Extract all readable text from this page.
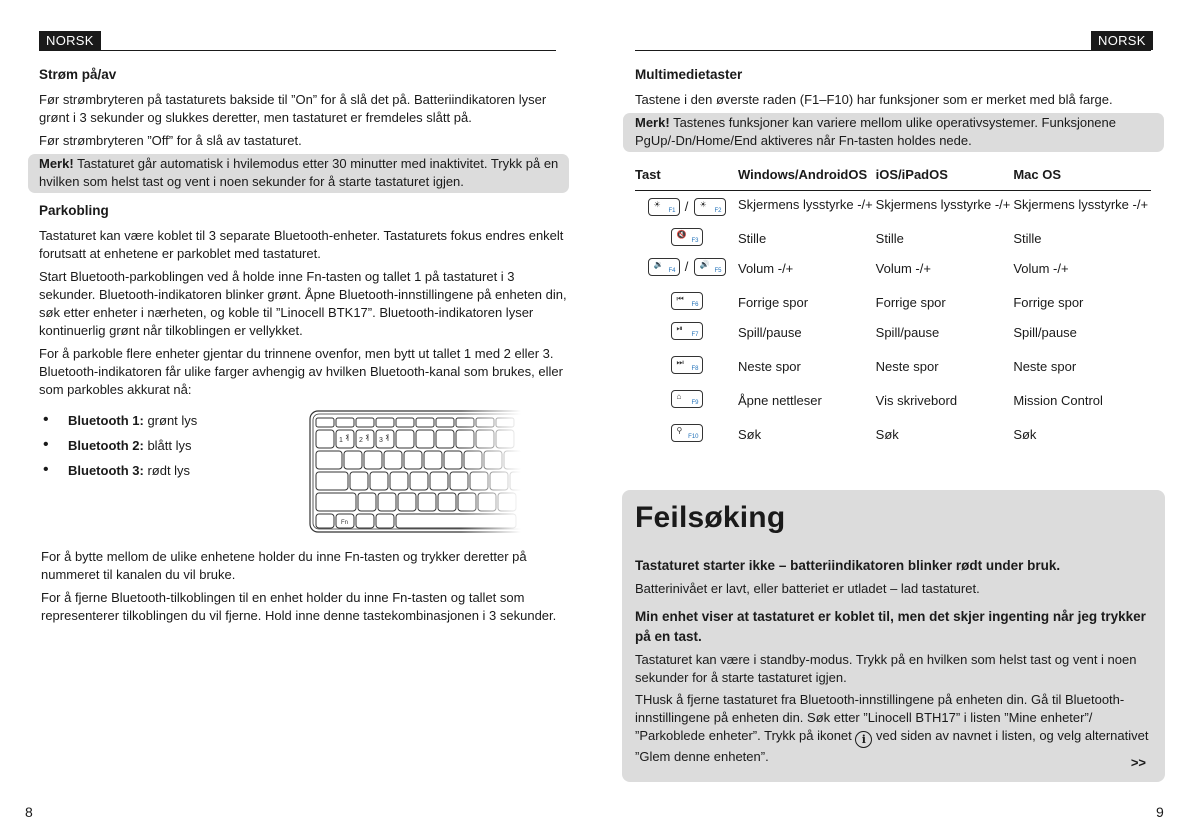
NORSK
Strøm på/av

Før strømbryteren på tastaturets bakside til ”On” for å slå det på. Batteriindikatoren lyser grønt i 3 sekunder og slukkes deretter, men tastaturet er fremdeles slått på.

Før strømbryteren ”Off” for å slå av tastaturet.

Merk! Tastaturet går automatisk i hvilemodus etter 30 minutter med inaktivitet. Trykk på en hvilken som helst tast og vent i noen sekunder for å starte tastaturet igjen.
Parkobling

Tastaturet kan være koblet til 3 separate Bluetooth-enheter. Tastaturets fokus endres enkelt forutsatt at enhetene er parkoblet med tastaturet.

Start Bluetooth-parkoblingen ved å holde inne Fn-tasten og tallet 1 på tastaturet i 3 sekunder. Bluetooth-indikatoren blinker grønt. Åpne Bluetooth-innstillingene på enheten din, søk etter enheter i nærheten, og koble til ”Linocell BTK17”. Bluetooth-indikatoren lyser kontinuerlig grønt når tilkoblingen er vellykket.

For å parkoble flere enheter gjentar du trinnene ovenfor, men bytt ut tallet 1 med 2 eller 3. Bluetooth-indikatoren får ulike farger avhengig av hvilken Bluetooth-kanal som brukes, eller som parkobles akkurat nå:

• Bluetooth 1: grønt lys
• Bluetooth 2: blått lys
• Bluetooth 3: rødt lys
1 2 3
Fn

For å bytte mellom de ulike enhetene holder du inne Fn-tasten og trykker deretter på nummeret til kanalen du vil bruke.

For å fjerne Bluetooth-tilkoblingen til en enhet holder du inne Fn-tasten og tallet som representerer tilkoblingen du vil fjerne. Hold inne denne tastekombinasjonen i 3 sekunder.

8
NORSK
Multimedietaster

Tastene i den øverste raden (F1–F10) har funksjoner som er merket med blå farge.

Merk! Tastenes funksjoner kan variere mellom ulike operativsystemer. Funksjonene PgUp/-Dn/Home/End aktiveres når Fn-tasten holdes nede.
Tast	Windows/AndroidOS	iOS/iPadOS	Mac OS

☀
F1 / ☀
F2	Skjermens lysstyrke -/+	Skjermens lysstyrke -/+	Skjermens lysstyrke -/+

🔇
F3	Stille	Stille	Stille

🔉
F4 / 🔊
F5	Volum -/+	Volum -/+	Volum -/+

⏮
F6	Forrige spor	Forrige spor	Forrige spor

⏯
F7	Spill/pause	Spill/pause	Spill/pause

⏭
F8	Neste spor	Neste spor	Neste spor

⌂
F9	Åpne nettleser	Vis skrivebord	Mission Control

⚲
F10	Søk	Søk	Søk
Feilsøking
Tastaturet starter ikke – batteriindikatoren blinker rødt under bruk.

Batterinivået er lavt, eller batteriet er utladet – lad tastaturet.

Min enhet viser at tastaturet er koblet til, men det skjer ingenting når jeg trykker på en tast.

Tastaturet kan være i standby-modus. Trykk på en hvilken som helst tast og vent i noen sekunder for å starte tastaturet igjen.

THusk å fjerne tastaturet fra Bluetooth-innstillingene på enheten din. Gå til Bluetooth-innstillingene på enheten din. Søk etter ”Linocell BTH17” i listen ”Mine enheter”/ ”Parkoblede enheter”. Trykk på ikonet i ved siden av navnet i listen, og velg alternativet ”Glem denne enheten”.	>>
9
